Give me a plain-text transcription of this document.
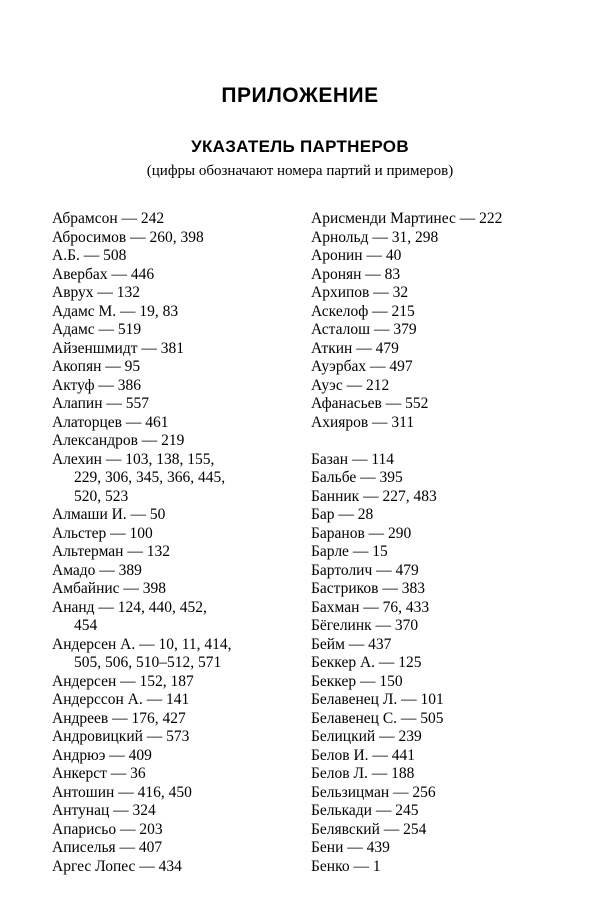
ПРИЛОЖЕНИЕ
УКАЗАТЕЛЬ ПАРТНЕРОВ
(цифры обозначают номера партий и примеров)
Абрамсон — 242
Абросимов — 260, 398
А.Б. — 508
Авербах — 446
Аврух — 132
Адамс М. — 19, 83
Адамс — 519
Айзеншмидт — 381
Акопян — 95
Актуф — 386
Алапин — 557
Алаторцев — 461
Александров — 219
Алехин — 103, 138, 155,
229, 306, 345, 366, 445,
520, 523
Алмаши И. — 50
Альстер — 100
Альтерман — 132
Амадо — 389
Амбайнис — 398
Ананд — 124, 440, 452,
454
Андерсен А. — 10, 11, 414,
505, 506, 510–512, 571
Андерсен — 152, 187
Андерссон А. — 141
Андреев — 176, 427
Андровицкий — 573
Андрюэ — 409
Анкерст — 36
Антошин — 416, 450
Антунац — 324
Апарисьо — 203
Аписелья — 407
Аргес Лопес — 434
Арисменди Мартинес — 222
Арнольд — 31, 298
Аронин — 40
Аронян — 83
Архипов — 32
Аскелоф — 215
Асталош — 379
Аткин — 479
Ауэрбах — 497
Ауэс — 212
Афанасьев — 552
Ахияров — 311
Базан — 114
Бальбе — 395
Банник — 227, 483
Бар — 28
Баранов — 290
Барле — 15
Бартолич — 479
Бастриков — 383
Бахман — 76, 433
Бёгелинк — 370
Бейм — 437
Беккер А. — 125
Беккер — 150
Белавенец Л. — 101
Белавенец С. — 505
Белицкий — 239
Белов И. — 441
Белов Л. — 188
Бельзицман — 256
Белькади — 245
Белявский — 254
Бени — 439
Бенко — 1
